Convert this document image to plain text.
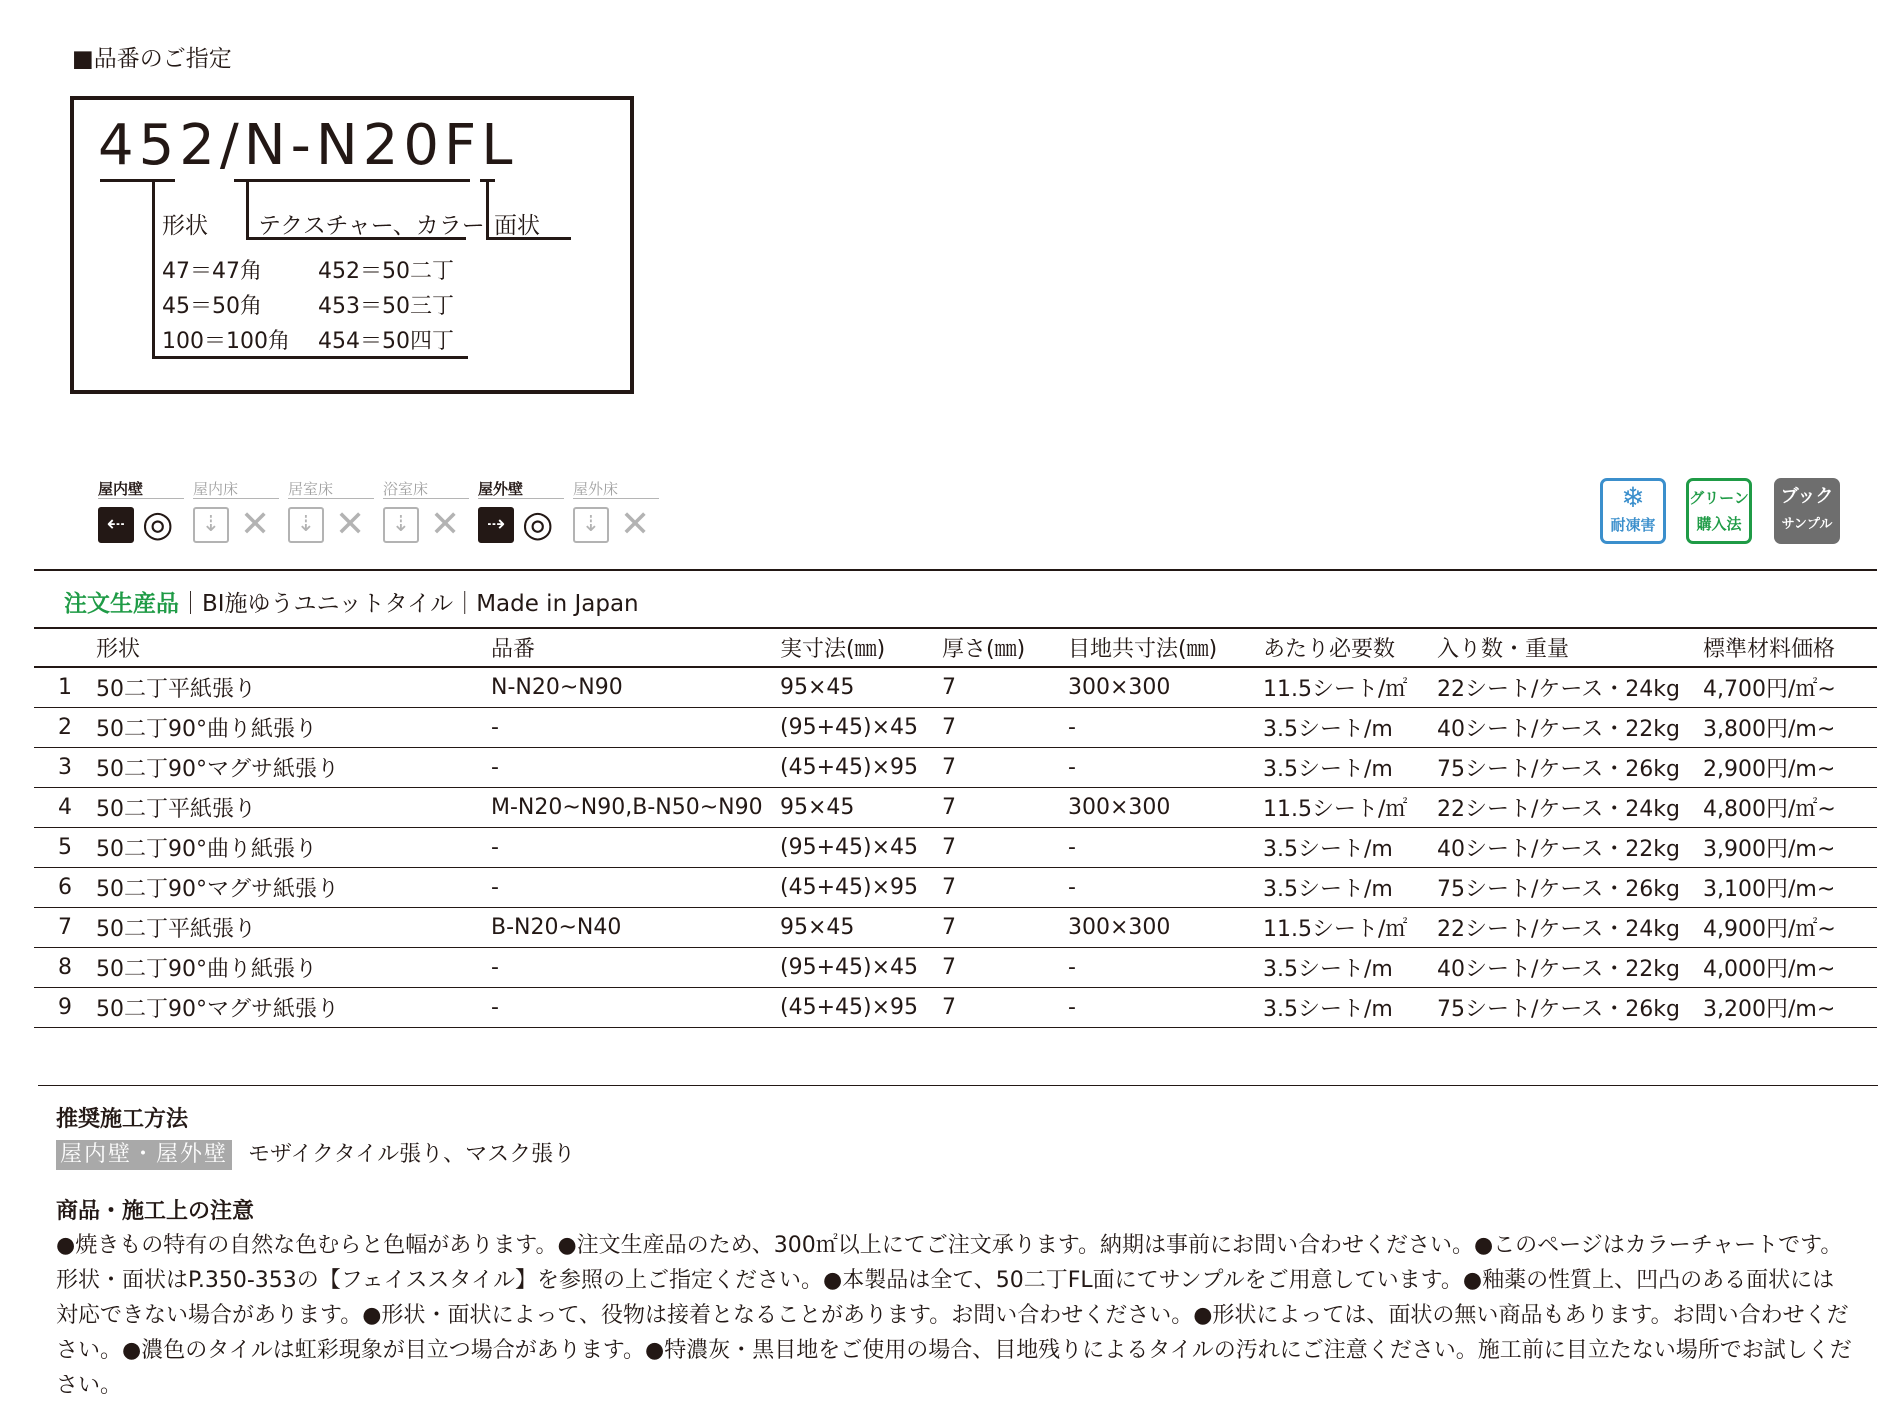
■品番のご指定
452/N-N20FL
形状 テクスチャー、カラー 面状
47＝47角	452＝50二丁
45＝50角	453＝50三丁
100＝100角 454＝50四丁
屋内壁
⇠ ◎
屋内床
⇣ ✕
居室床
⇣ ✕
浴室床
⇣ ✕
屋外壁
⇢ ◎
屋外床
⇣ ✕
❄
耐凍害
グリーン
購入法
ブック
サンプル
注文生産品｜BⅠ施ゆうユニットタイル｜Made in Japan
	形状	品番	実寸法(㎜)	厚さ(㎜)	目地共寸法(㎜)	あたり必要数	入り数・重量	標準材料価格
1	50二丁平紙張り	N-N20~N90	95×45	7	300×300	11.5シート/㎡	22シート/ケース・24kg	4,700円/㎡~
2	50二丁90°曲り紙張り	-	(95+45)×45	7	-	3.5シート/m	40シート/ケース・22kg	3,800円/m~
3	50二丁90°マグサ紙張り	-	(45+45)×95	7	-	3.5シート/m	75シート/ケース・26kg	2,900円/m~
4	50二丁平紙張り	M-N20~N90,B-N50~N90	95×45	7	300×300	11.5シート/㎡	22シート/ケース・24kg	4,800円/㎡~
5	50二丁90°曲り紙張り	-	(95+45)×45	7	-	3.5シート/m	40シート/ケース・22kg	3,900円/m~
6	50二丁90°マグサ紙張り	-	(45+45)×95	7	-	3.5シート/m	75シート/ケース・26kg	3,100円/m~
7	50二丁平紙張り	B-N20~N40	95×45	7	300×300	11.5シート/㎡	22シート/ケース・24kg	4,900円/㎡~
8	50二丁90°曲り紙張り	-	(95+45)×45	7	-	3.5シート/m	40シート/ケース・22kg	4,000円/m~
9	50二丁90°マグサ紙張り	-	(45+45)×95	7	-	3.5シート/m	75シート/ケース・26kg	3,200円/m~
推奨施工方法
屋内壁・屋外壁 モザイクタイル張り、マスク張り
商品・施工上の注意

●焼きもの特有の自然な色むらと色幅があります。●注文生産品のため、300㎡以上にてご注文承ります。納期は事前にお問い合わせください。●このページはカラーチャートです。形状・面状はP.350-353の【フェイススタイル】を参照の上ご指定ください。●本製品は全て、50二丁FL面にてサンプルをご用意しています。●釉薬の性質上、凹凸のある面状には対応できない場合があります。●形状・面状によって、役物は接着となることがあります。お問い合わせください。●形状によっては、面状の無い商品もあります。お問い合わせください。●濃色のタイルは虹彩現象が目立つ場合があります。●特濃灰・黒目地をご使用の場合、目地残りによるタイルの汚れにご注意ください。施工前に目立たない場所でお試しください。
